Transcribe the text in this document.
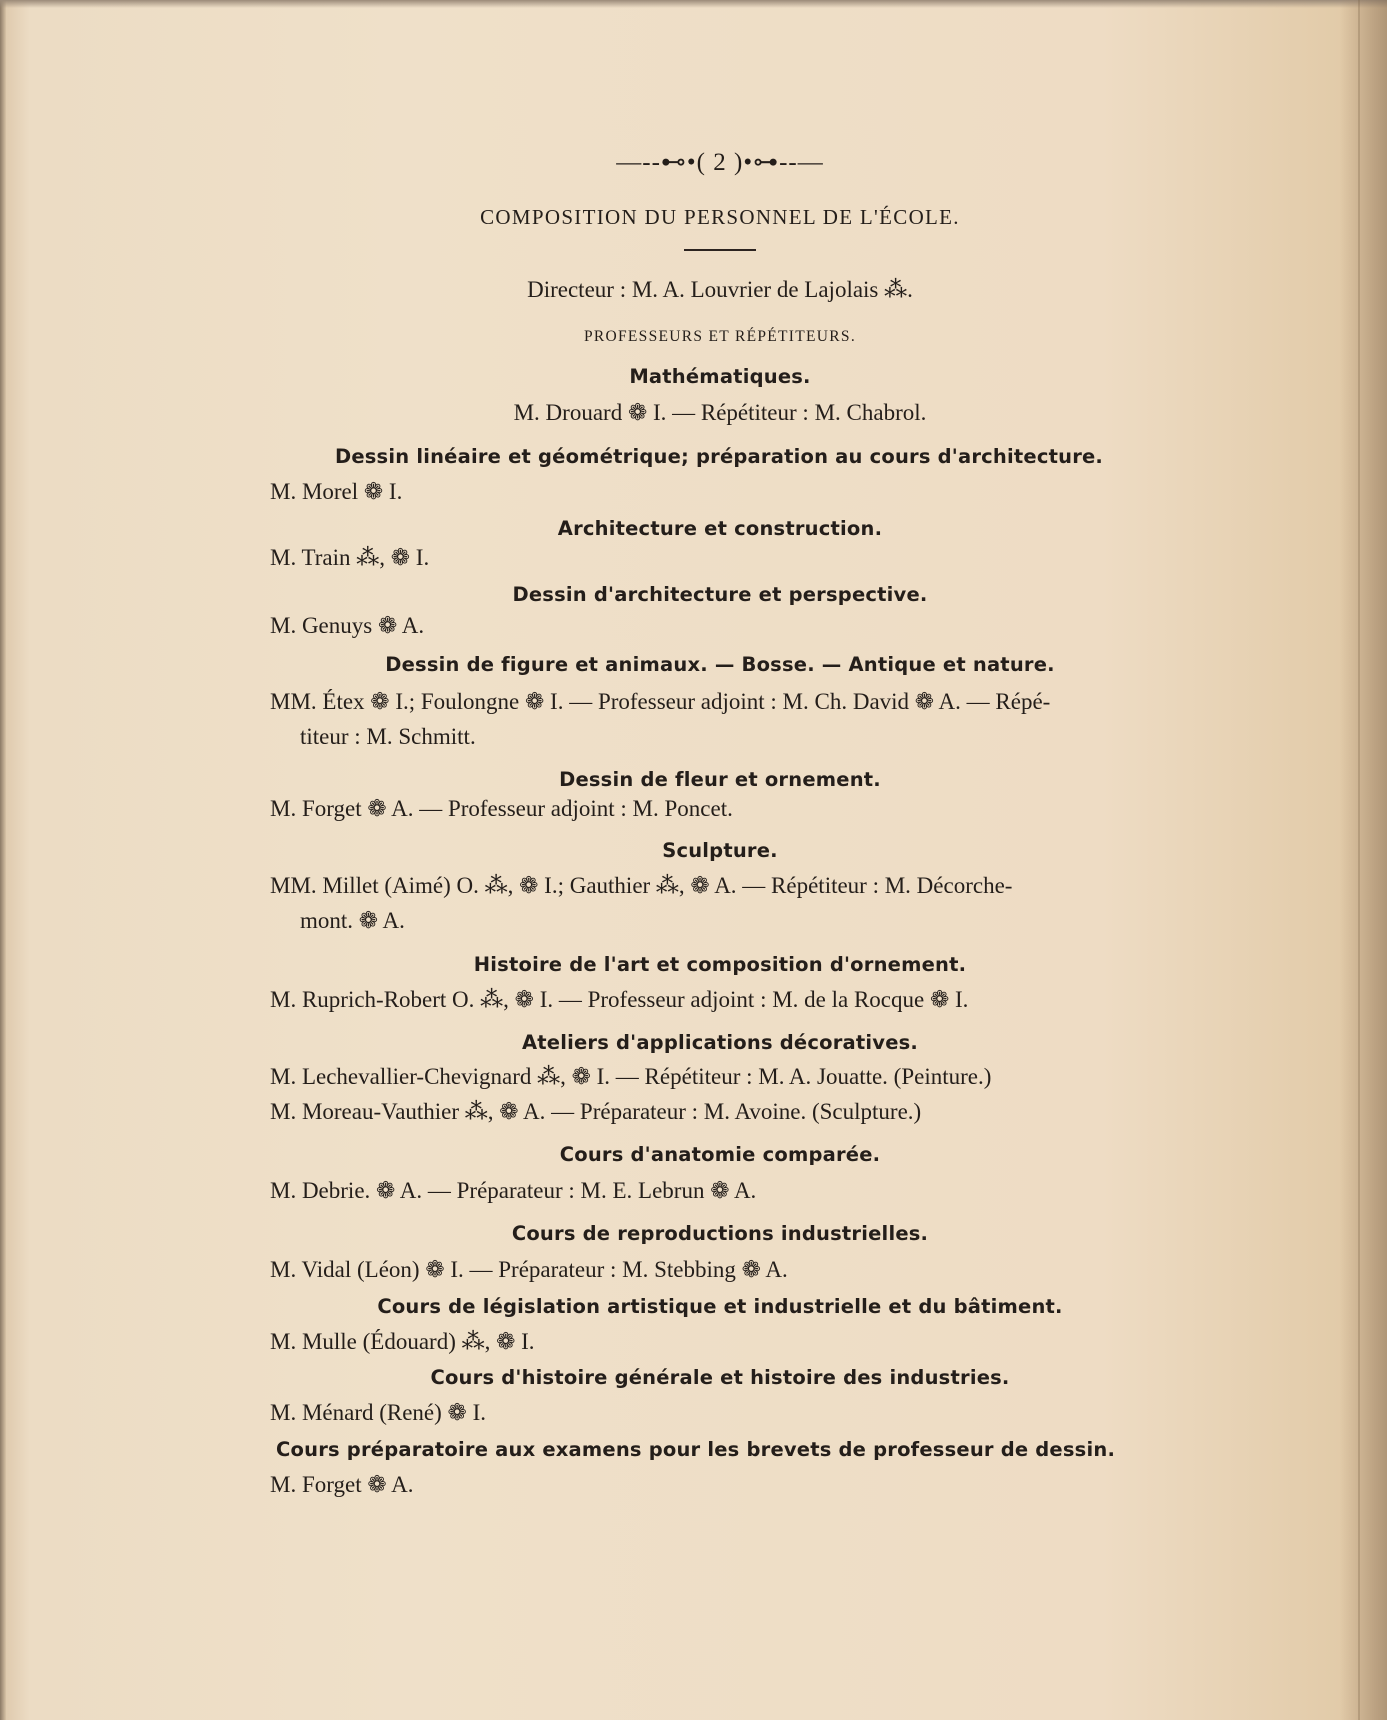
—--⊷•( 2 )•⊶--—
COMPOSITION DU PERSONNEL DE L'ÉCOLE.
Directeur : M. A. Louvrier de Lajolais ⁂.
PROFESSEURS ET RÉPÉTITEURS.
Mathématiques.
M. Drouard ❁ I. — Répétiteur : M. Chabrol.
Dessin linéaire et géométrique; préparation au cours d'architecture.
M. Morel ❁ I.
Architecture et construction.
M. Train ⁂, ❁ I.
Dessin d'architecture et perspective.
M. Genuys ❁ A.
Dessin de figure et animaux. — Bosse. — Antique et nature.
MM. Étex ❁ I.; Foulongne ❁ I. — Professeur adjoint : M. Ch. David ❁ A. — Répé-
titeur : M. Schmitt.
Dessin de fleur et ornement.
M. Forget ❁ A. — Professeur adjoint : M. Poncet.
Sculpture.
MM. Millet (Aimé) O. ⁂, ❁ I.; Gauthier ⁂, ❁ A. — Répétiteur : M. Décorche-
mont. ❁ A.
Histoire de l'art et composition d'ornement.
M. Ruprich-Robert O. ⁂, ❁ I. — Professeur adjoint : M. de la Rocque ❁ I.
Ateliers d'applications décoratives.
M. Lechevallier-Chevignard ⁂, ❁ I. — Répétiteur : M. A. Jouatte. (Peinture.)
M. Moreau-Vauthier ⁂, ❁ A. — Préparateur : M. Avoine. (Sculpture.)
Cours d'anatomie comparée.
M. Debrie. ❁ A. — Préparateur : M. E. Lebrun ❁ A.
Cours de reproductions industrielles.
M. Vidal (Léon) ❁ I. — Préparateur : M. Stebbing ❁ A.
Cours de législation artistique et industrielle et du bâtiment.
M. Mulle (Édouard) ⁂, ❁ I.
Cours d'histoire générale et histoire des industries.
M. Ménard (René) ❁ I.
Cours préparatoire aux examens pour les brevets de professeur de dessin.
M. Forget ❁ A.
